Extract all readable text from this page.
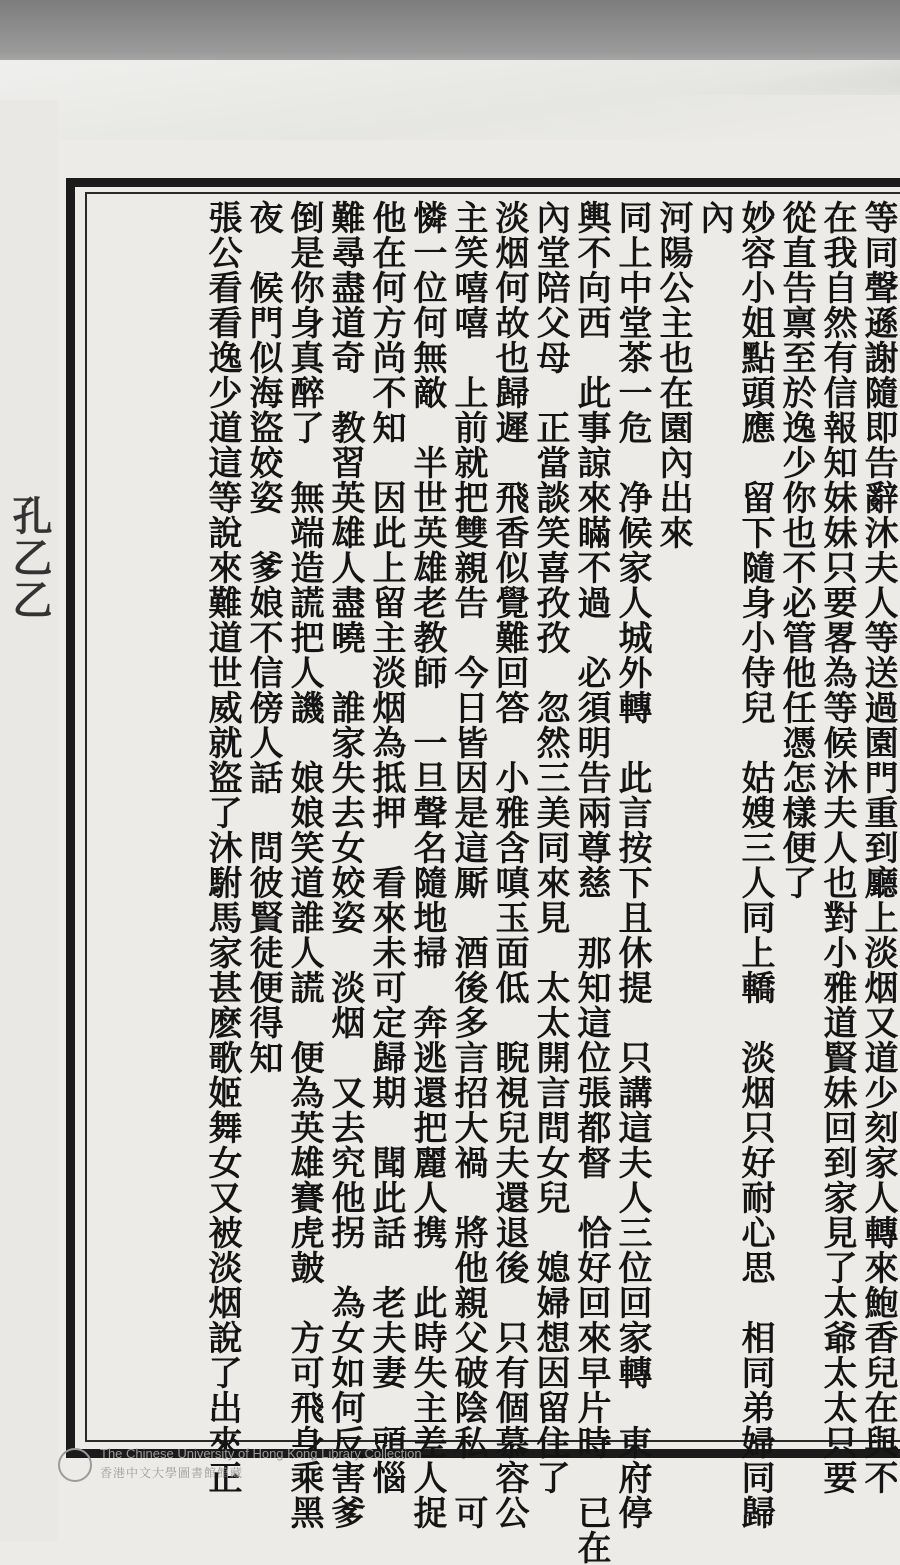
孔乙乙	等同聲遜謝隨即告辭沐夫人等送過園門重到廳上淡烟又道少刻家人轉來鮑香兒在與不
在我自然有信報知妹妹只要畧為等候沐夫人也對小雅道賢妹回到家見了太爺太太只要
從直告禀至於逸少你也不必管他任憑怎樣便了
妙容小姐點頭應　留下隨身小侍兒　姑嫂三人同上轎　淡烟只好耐心思　相同弟婦同歸
內
河陽公主也在園內出來
同上中堂茶一危　净候家人城外轉　此言按下且休提　只講這夫人三位回家轉　東府停
輿不向西　此事諒來瞞不過　必須明告兩尊慈　那知這位張都督　恰好回來早片時　已在
內堂陪父母　正當談笑喜孜孜　忽然三美同來見　太太開言問女兒　媳婦想因留住了
淡烟何故也歸遲　飛香似覺難回答　小雅含嗔玉面低　睨視兒夫還退後　只有個慕容公
主笑嘻嘻　上前就把雙親告　今日皆因是這厮　酒後多言招大禍　將他親父破陰私　可
憐一位何無敵　半世英雄老教師　一旦聲名隨地掃　奔逃還把麗人携　此時失主差人捉
他在何方尚不知　因此上留主淡烟為抵押　看來未可定歸期　聞此話　老夫妻　頭惱
難尋盡道奇　教習英雄人盡曉　誰家失去女姣姿　淡烟　又去究他拐　為女如何反害爹
倒是你身真醉了　無端造謊把人譏　娘娘笑道誰人謊　便為英雄賽虎皷　方可飛身乘黑
夜　候門似海盜姣姿　爹娘不信傍人話　問彼賢徒便得知
張公看看逸少道這等說來難道世威就盜了沐駙馬家甚麽歌姬舞女又被淡烟說了出來正
The Chinese University of Hong Kong Library Collection
香港中文大學圖書館館藏
